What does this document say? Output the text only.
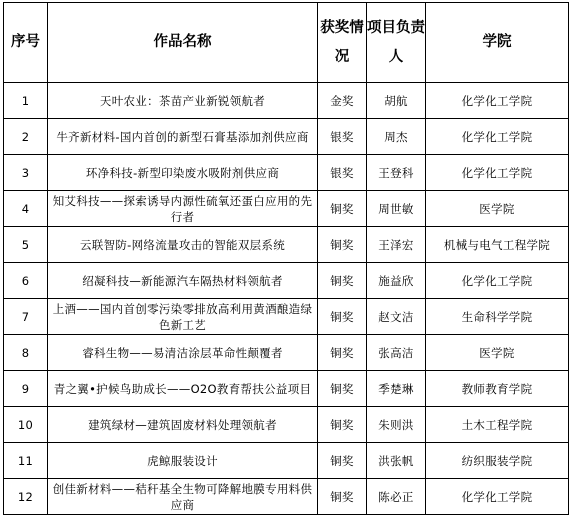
序号	作品名称	获奖情况	项目负责人	学院
1	天叶农业：茶苗产业新锐领航者	金奖	胡航	化学化工学院
2	牛齐新材料-国内首创的新型石膏基添加剂供应商	银奖	周杰	化学化工学院
3	环净科技-新型印染废水吸附剂供应商	银奖	王登科	化学化工学院
4	知艾科技——探索诱导内源性硫氧还蛋白应用的先行者	铜奖	周世敏	医学院
5	云联智防-网络流量攻击的智能双层系统	铜奖	王泽宏	机械与电气工程学院
6	绍凝科技—新能源汽车隔热材料领航者	铜奖	施益欣	化学化工学院
7	上酒——国内首创零污染零排放高利用黄酒酿造绿色新工艺	铜奖	赵文洁	生命科学学院
8	睿科生物——易清洁涂层革命性颠覆者	铜奖	张高洁	医学院
9	青之翼•护候鸟助成长——O2O教育帮扶公益项目	铜奖	季楚琳	教师教育学院
10	建筑绿材—建筑固废材料处理领航者	铜奖	朱则洪	土木工程学院
11	虎鲸服装设计	铜奖	洪张帆	纺织服装学院
12	创佳新材料——秸秆基全生物可降解地膜专用料供应商	铜奖	陈必正	化学化工学院
